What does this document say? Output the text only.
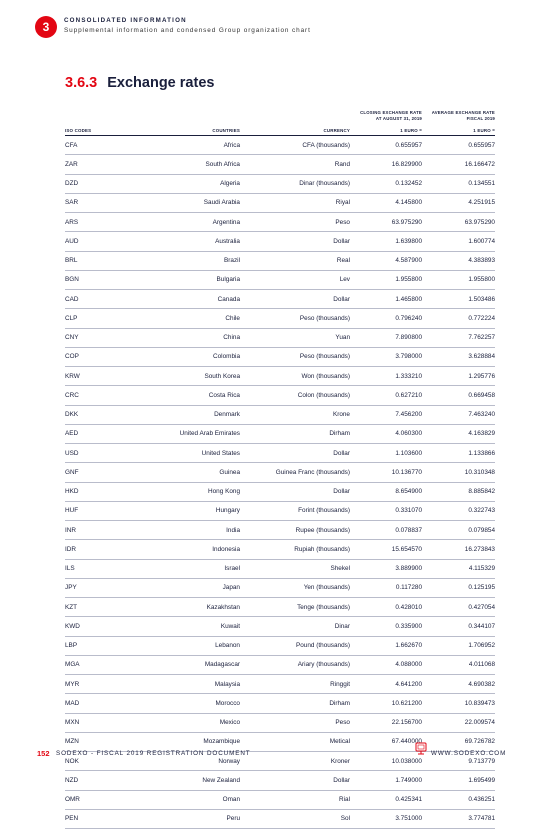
3	CONSOLIDATED INFORMATION
Supplemental information and condensed Group organization chart
3.6.3 Exchange rates
CLOSING EXCHANGE RATE
AT AUGUST 31, 2019
AVERAGE EXCHANGE RATE
FISCAL 2019
ISO CODES	COUNTRIES	CURRENCY	1 EURO =	1 EURO =
CFA	Africa	CFA (thousands)	0.655957	0.655957
ZAR	South Africa	Rand	16.829900	16.166472
DZD	Algeria	Dinar (thousands)	0.132452	0.134551
SAR	Saudi Arabia	Riyal	4.145800	4.251915
ARS	Argentina	Peso	63.975290	63.975290
AUD	Australia	Dollar	1.639800	1.600774
BRL	Brazil	Real	4.587900	4.383893
BGN	Bulgaria	Lev	1.955800	1.955800
CAD	Canada	Dollar	1.465800	1.503486
CLP	Chile	Peso (thousands)	0.796240	0.772224
CNY	China	Yuan	7.890800	7.762257
COP	Colombia	Peso (thousands)	3.798000	3.628884
KRW	South Korea	Won (thousands)	1.333210	1.295776
CRC	Costa Rica	Colon (thousands)	0.627210	0.669458
DKK	Denmark	Krone	7.456200	7.463240
AED	United Arab Emirates	Dirham	4.060300	4.163829
USD	United States	Dollar	1.103600	1.133866
GNF	Guinea	Guinea Franc (thousands)	10.136770	10.310348
HKD	Hong Kong	Dollar	8.654900	8.885842
HUF	Hungary	Forint (thousands)	0.331070	0.322743
INR	India	Rupee (thousands)	0.078837	0.079854
IDR	Indonesia	Rupiah (thousands)	15.654570	16.273843
ILS	Israel	Shekel	3.889900	4.115329
JPY	Japan	Yen (thousands)	0.117280	0.125195
KZT	Kazakhstan	Tenge (thousands)	0.428010	0.427054
KWD	Kuwait	Dinar	0.335900	0.344107
LBP	Lebanon	Pound (thousands)	1.662670	1.706952
MGA	Madagascar	Ariary (thousands)	4.088000	4.011068
MYR	Malaysia	Ringgit	4.641200	4.690382
MAD	Morocco	Dirham	10.621200	10.839473
MXN	Mexico	Peso	22.156700	22.009574
MZN	Mozambique	Metical	67.440000	69.726782
NOK	Norway	Kroner	10.038000	9.713779
NZD	New Zealand	Dollar	1.749000	1.695499
OMR	Oman	Rial	0.425341	0.436251
PEN	Peru	Sol	3.751000	3.774781
152 SODEXO - FISCAL 2019 REGISTRATION DOCUMENT	WWW.SODEXO.COM
